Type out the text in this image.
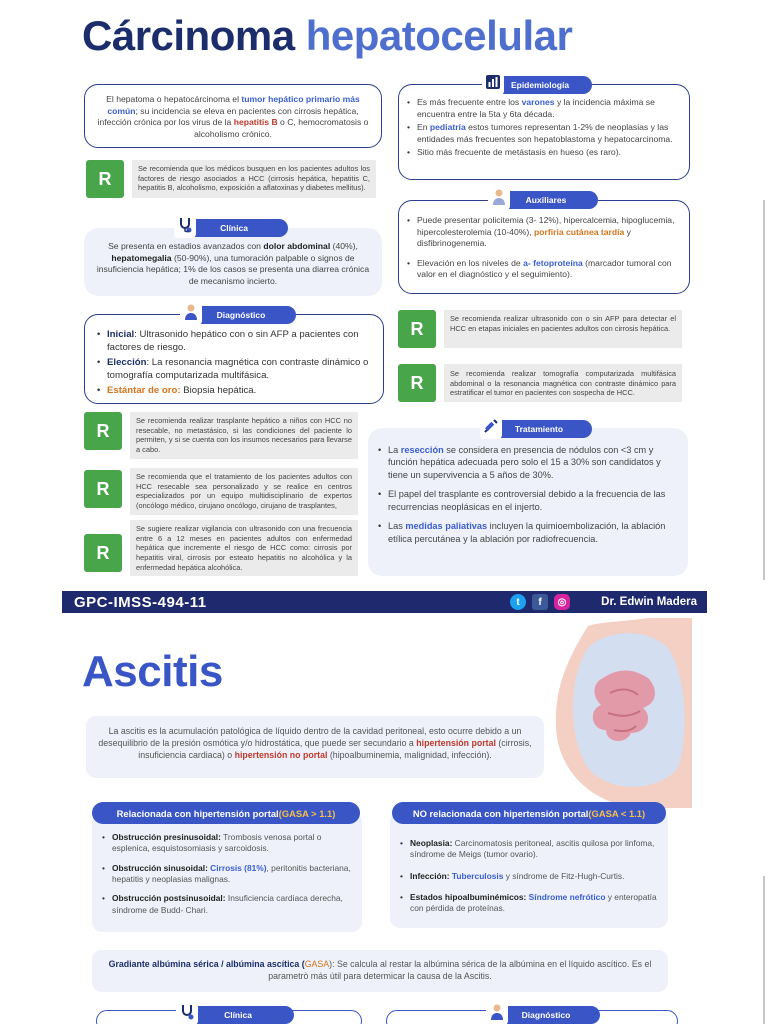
Cárcinoma hepatocelular
El hepatoma o hepatocárcinoma el tumor hepático primario más común; su incidencia se eleva en pacientes con cirrosis hepática, infección crónica por los virus de la hepatitis B o C, hemocromatosis o alcoholismo crónico.
R	Se recomienda que los médicos busquen en los pacientes adultos los factores de riesgo asociados a HCC (cirrosis hepática, hepatitis C, hepatitis B, alcoholismo, exposición a aflatoxinas y diabetes mellitus).
Se presenta en estadios avanzados con dolor abdominal (40%), hepatomegalia (50-90%), una tumoración palpable o signos de insuficiencia hepática; 1% de los casos se presenta una diarrea crónica de mecanismo incierto.
Clínica
• Inicial: Ultrasonido hepático con o sin AFP a pacientes con factores de riesgo.
• Elección: La resonancia magnética con contraste dinámico o tomografía computarizada multifásica.
• Estántar de oro: Biopsia hepática.
Diagnóstico
R	Se recomienda realizar trasplante hepático a niños con HCC no resecable, no metastásico, si las condiciones del paciente lo permiten, y si se cuenta con los insumos necesarios para llevarse a cabo.
R
Se recomienda que el tratamiento de los pacientes adultos con HCC resecable sea personalizado y se realice en centros especializados por un equipo multidisciplinario de expertos (oncólogo médico, cirujano oncólogo, cirujano de trasplantes,
R
Se sugiere realizar vigilancia con ultrasonido con una frecuencia entre 6 a 12 meses en pacientes adultos con enfermedad hepática que incremente el riesgo de HCC como: cirrosis por hepatitis viral, cirrosis por esteato hepatitis no alcohólica y la enfermedad hepática alcohólica.
• Es más frecuente entre los varones y la incidencia máxima se encuentra entre la 5ta y 6ta década.
• En pediatría estos tumores representan 1-2% de neoplasias y las entidades más frecuentes son hepatoblastoma y hepatocarcinoma.
• Sitio más frecuente de metástasis en hueso (es raro).
Epidemiología
• Puede presentar policitemia (3- 12%), hipercalcemia, hipoglucemia, hipercolesterolemia (10-40%), porfiria cutánea tardía y disfibrinogenemia.
• Elevación en los niveles de a- fetoproteína (marcador tumoral con valor en el diagnóstico y el seguimiento).
Auxiliares
R	Se recomienda realizar ultrasonido con o sin AFP para detectar el HCC en etapas iniciales en pacientes adultos con cirrosis hepática.
R	Se recomienda realizar tomografía computarizada multifásica abdominal o la resonancia magnética con contraste dinámico para estratificar el tumor en pacientes con sospecha de HCC.
• La resección se considera en presencia de nódulos con <3 cm y función hepática adecuada pero solo el 15 a 30% son candidatos y tiene un supervivencia a 5 años de 30%.
• El papel del trasplante es controversial debido a la frecuencia de las recurrencias neoplásicas en el injerto.
• Las medidas paliativas incluyen la quimioembolización, la ablación etílica percutánea y la ablación por radiofrecuencia.
Tratamiento
GPC-IMSS-494-11	t	f	◎	Dr. Edwin Madera
Ascitis
La ascitis es la acumulación patológica de líquido dentro de la cavidad peritoneal, esto ocurre debido a un desequilibrio de la presión osmótica y/o hidrostática, que puede ser secundario a hipertensión portal (cirrosis, insuficiencia cardiaca) o hipertensión no portal (hipoalbuminemia, malignidad, infección).
• Obstrucción presinusoidal: Trombosis venosa portal o esplenica, esquistosomiasis y sarcoidosis.
• Obstrucción sinusoidal: Cirrosis (81%), peritonitis bacteriana, hepatitis y neoplasias malignas.
• Obstrucción postsinusoidal: Insuficiencia cardiaca derecha, síndrome de Budd- Chari.
Relacionada con hipertensión portal (GASA > 1.1)
• Neoplasia: Carcinomatosis peritoneal, ascitis quilosa por linfoma, síndrome de Meigs (tumor ovario).
• Infección: Tuberculosis y síndrome de Fitz-Hugh-Curtis.
• Estados hipoalbuminémicos: Síndrome nefrótico y enteropatía con pérdida de proteínas.
NO relacionada con hipertensión portal (GASA < 1.1)
Gradiante albúmina sérica / albúmina ascítica (GASA): Se calcula al restar la albúmina sérica de la albúmina en el líquido ascítico. Es el parametrò más útil para determicar la causa de la Ascitis.
Clínica	Diagnóstico
